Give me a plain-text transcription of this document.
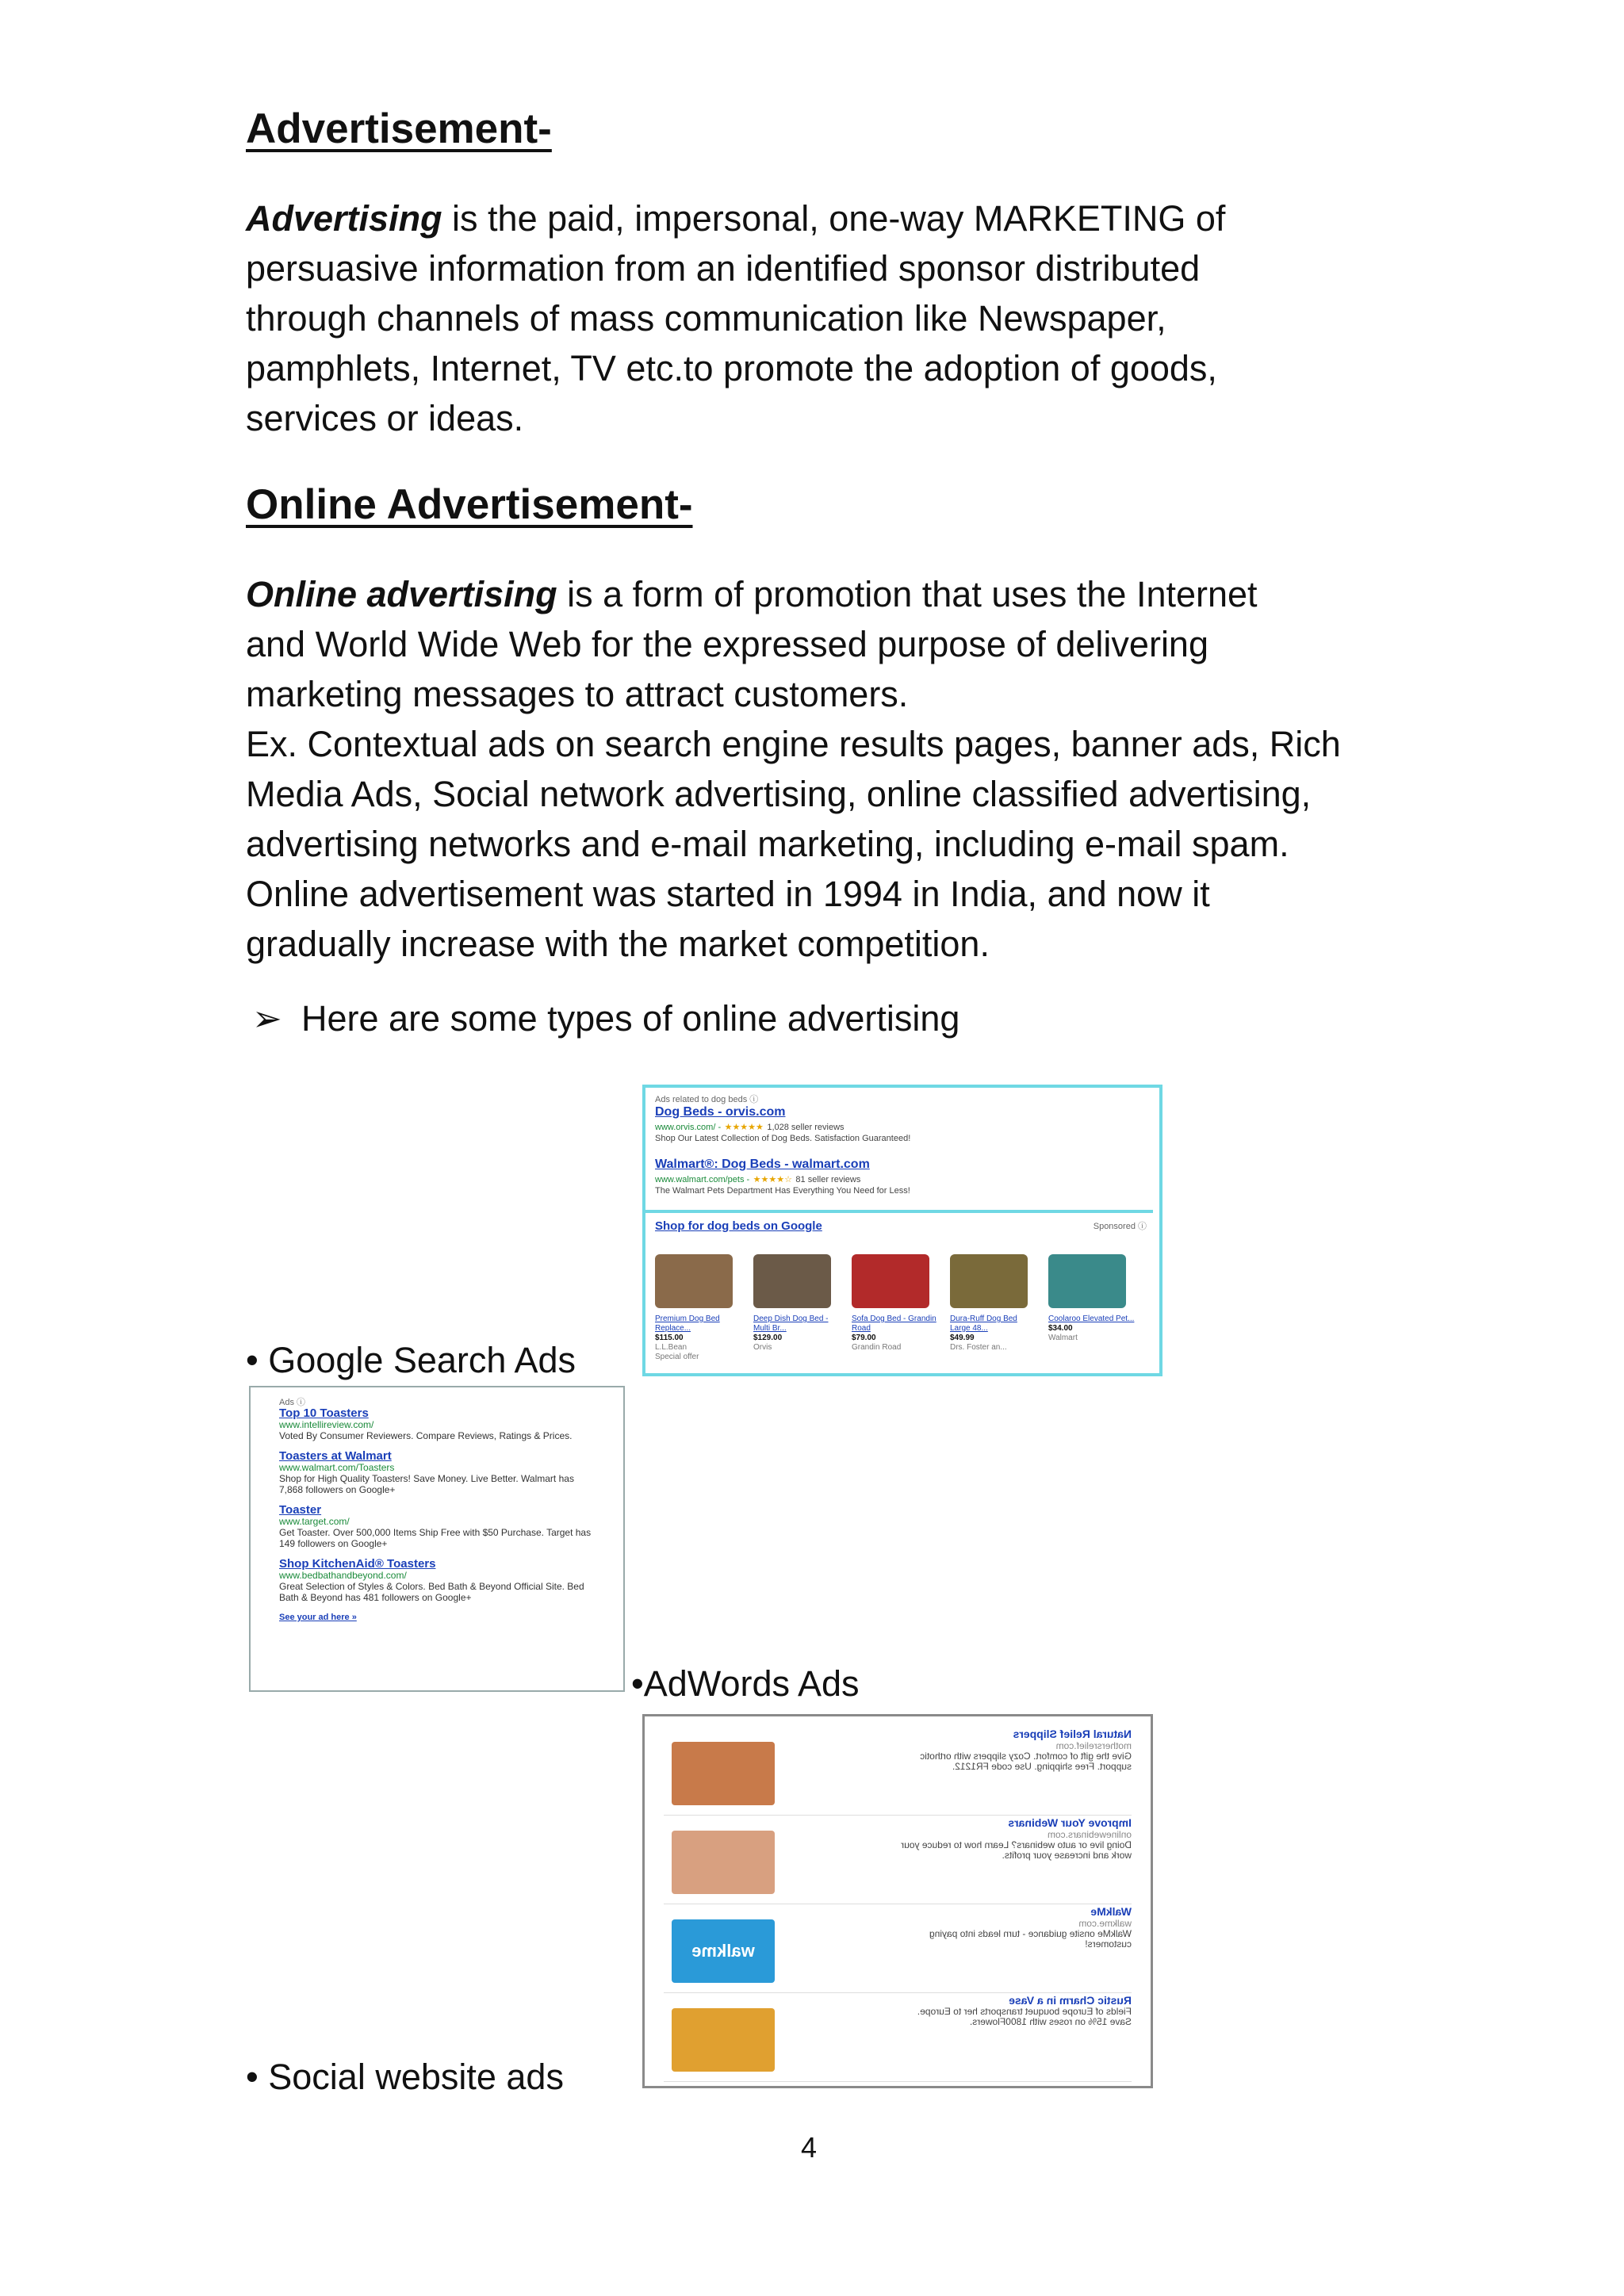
Advertisement-
Advertising is the paid, impersonal, one-way MARKETING of
persuasive information from an identified sponsor distributed
through channels of mass communication like Newspaper,
pamphlets, Internet, TV etc.to promote the adoption of goods,
services or ideas.
Online Advertisement-
Online advertising is a form of promotion that uses the Internet
and World Wide Web for the expressed purpose of delivering
marketing messages to attract customers.
Ex. Contextual ads on search engine results pages, banner ads, Rich
Media Ads, Social network advertising, online classified advertising,
advertising networks and e-mail marketing, including e-mail spam.
Online advertisement was started in 1994 in India, and now it
gradually increase with the market competition.
➢ Here are some types of online advertising
Ads related to dog beds ⓘ
Dog Beds - orvis.com
www.orvis.com/ - ★★★★★ 1,028 seller reviews
Shop Our Latest Collection of Dog Beds. Satisfaction Guaranteed!
Walmart®: Dog Beds - walmart.com
www.walmart.com/pets - ★★★★☆ 81 seller reviews
The Walmart Pets Department Has Everything You Need for Less!
Shop for dog beds on Google	Sponsored ⓘ
Premium Dog Bed Replace...
$115.00
L.L.Bean
Special offer
Deep Dish Dog Bed - Multi Br...
$129.00
Orvis
Sofa Dog Bed - Grandin Road
$79.00
Grandin Road
Dura-Ruff Dog Bed Large 48...
$49.99
Drs. Foster an...
Coolaroo Elevated Pet...
$34.00
Walmart
• Google Search Ads
Ads ⓘ
Top 10 Toasters
www.intellireview.com/
Voted By Consumer Reviewers. Compare Reviews, Ratings & Prices.
Toasters at Walmart
www.walmart.com/Toasters
Shop for High Quality Toasters! Save Money. Live Better. Walmart has 7,868 followers on Google+
Toaster
www.target.com/
Get Toaster. Over 500,000 Items Ship Free with $50 Purchase. Target has 149 followers on Google+
Shop KitchenAid® Toasters
www.bedbathandbeyond.com/
Great Selection of Styles & Colors. Bed Bath & Beyond Official Site. Bed Bath & Beyond has 481 followers on Google+
See your ad here »
•AdWords Ads
Natural Relief Slippers
mothersrelief.com
Give the gift of comfort. Cozy slippers with orthotic support. Free shipping. Use code FR1212.
Improve Your Webinars
onlinewebinars.com
Doing live or auto webinars? Learn how to reduce your work and increase your profits.
WalkMe
walkme.com
WalkMe onsite guidance - turn leads into paying customers!
walkme
Rustic Charm in a Vase
Fields of Europe bouquet transports her to Europe. Save 15% on roses with 1800Flowers.
• Social website ads
4
